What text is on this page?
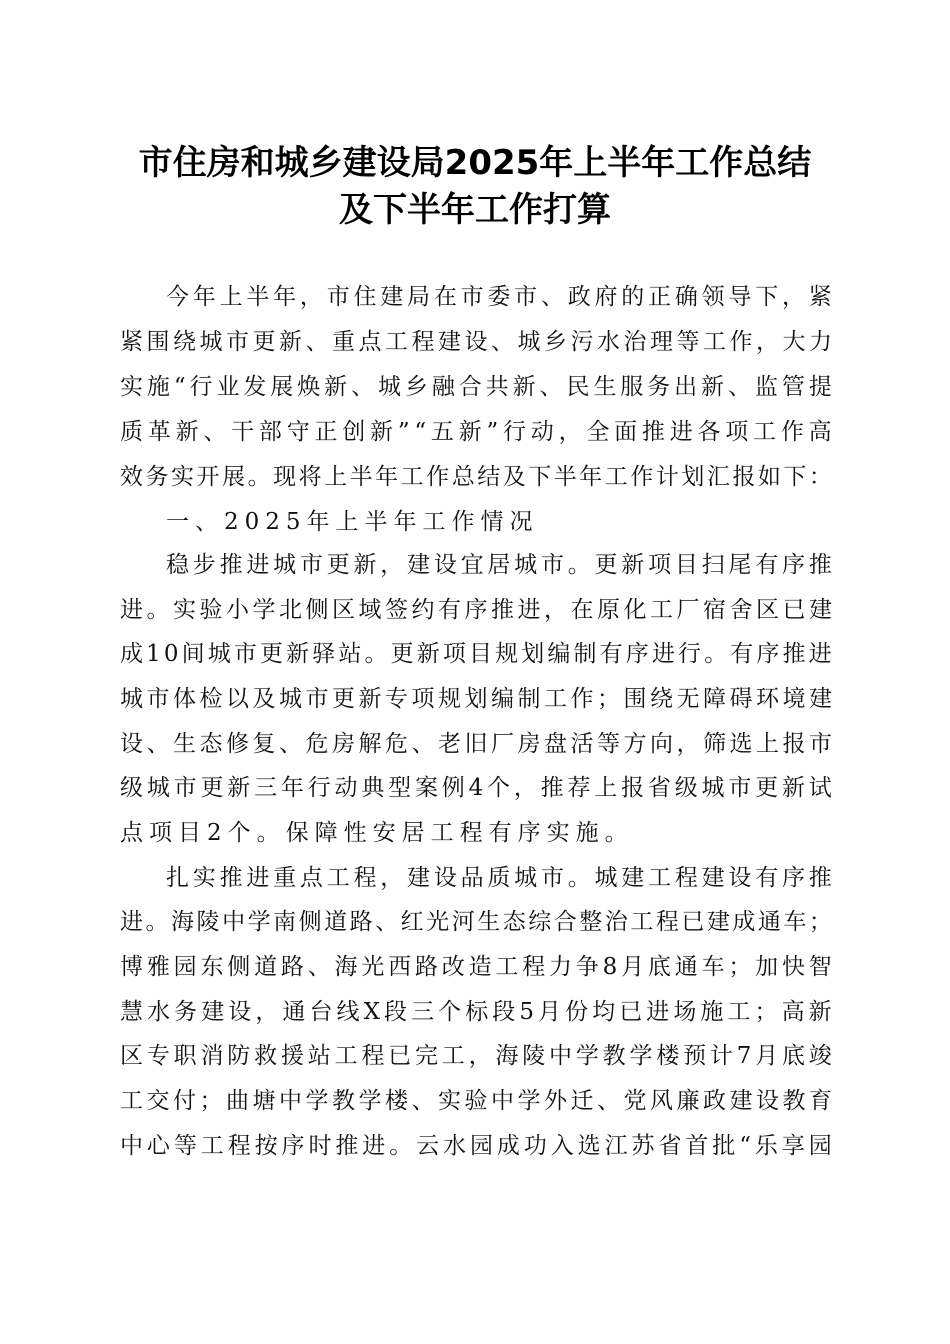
市住房和城乡建设局2025年上半年工作总结
及下半年工作打算
今 年 上 半 年 ， 市 住 建 局 在 市 委 市 、 政 府 的 正 确 领 导 下 ， 紧
紧 围 绕 城 市 更 新 、 重 点 工 程 建 设 、 城 乡 污 水 治 理 等 工 作 ， 大 力
实 施 “ 行 业 发 展 焕 新 、 城 乡 融 合 共 新 、 民 生 服 务 出 新 、 监 管 提
质 革 新 、 干 部 守 正 创 新 ” “ 五 新 ” 行 动 ， 全 面 推 进 各 项 工 作 高
效 务 实 开 展 。 现 将 上 半 年 工 作 总 结 及 下 半 年 工 作 计 划 汇 报 如 下 ：
一、2025年上半年工作情况
稳 步 推 进 城 市 更 新 ， 建 设 宜 居 城 市 。 更 新 项 目 扫 尾 有 序 推
进 。 实 验 小 学 北 侧 区 域 签 约 有 序 推 进 ， 在 原 化 工 厂 宿 舍 区 已 建
成 1 0 间 城 市 更 新 驿 站 。 更 新 项 目 规 划 编 制 有 序 进 行 。 有 序 推 进
城 市 体 检 以 及 城 市 更 新 专 项 规 划 编 制 工 作 ； 围 绕 无 障 碍 环 境 建
设 、 生 态 修 复 、 危 房 解 危 、 老 旧 厂 房 盘 活 等 方 向 ， 筛 选 上 报 市
级 城 市 更 新 三 年 行 动 典 型 案 例 4 个 ， 推 荐 上 报 省 级 城 市 更 新 试
点项目2个。保障性安居工程有序实施。
扎 实 推 进 重 点 工 程 ， 建 设 品 质 城 市 。 城 建 工 程 建 设 有 序 推
进 。 海 陵 中 学 南 侧 道 路 、 红 光 河 生 态 综 合 整 治 工 程 已 建 成 通 车 ；
博 雅 园 东 侧 道 路 、 海 光 西 路 改 造 工 程 力 争 8 月 底 通 车 ； 加 快 智
慧 水 务 建 设 ， 通 台 线 X 段 三 个 标 段 5 月 份 均 已 进 场 施 工 ； 高 新
区 专 职 消 防 救 援 站 工 程 已 完 工 ， 海 陵 中 学 教 学 楼 预 计 7 月 底 竣
工 交 付 ； 曲 塘 中 学 教 学 楼 、 实 验 中 学 外 迁 、 党 风 廉 政 建 设 教 育
中 心 等 工 程 按 序 时 推 进 。 云 水 园 成 功 入 选 江 苏 省 首 批 “ 乐 享 园
